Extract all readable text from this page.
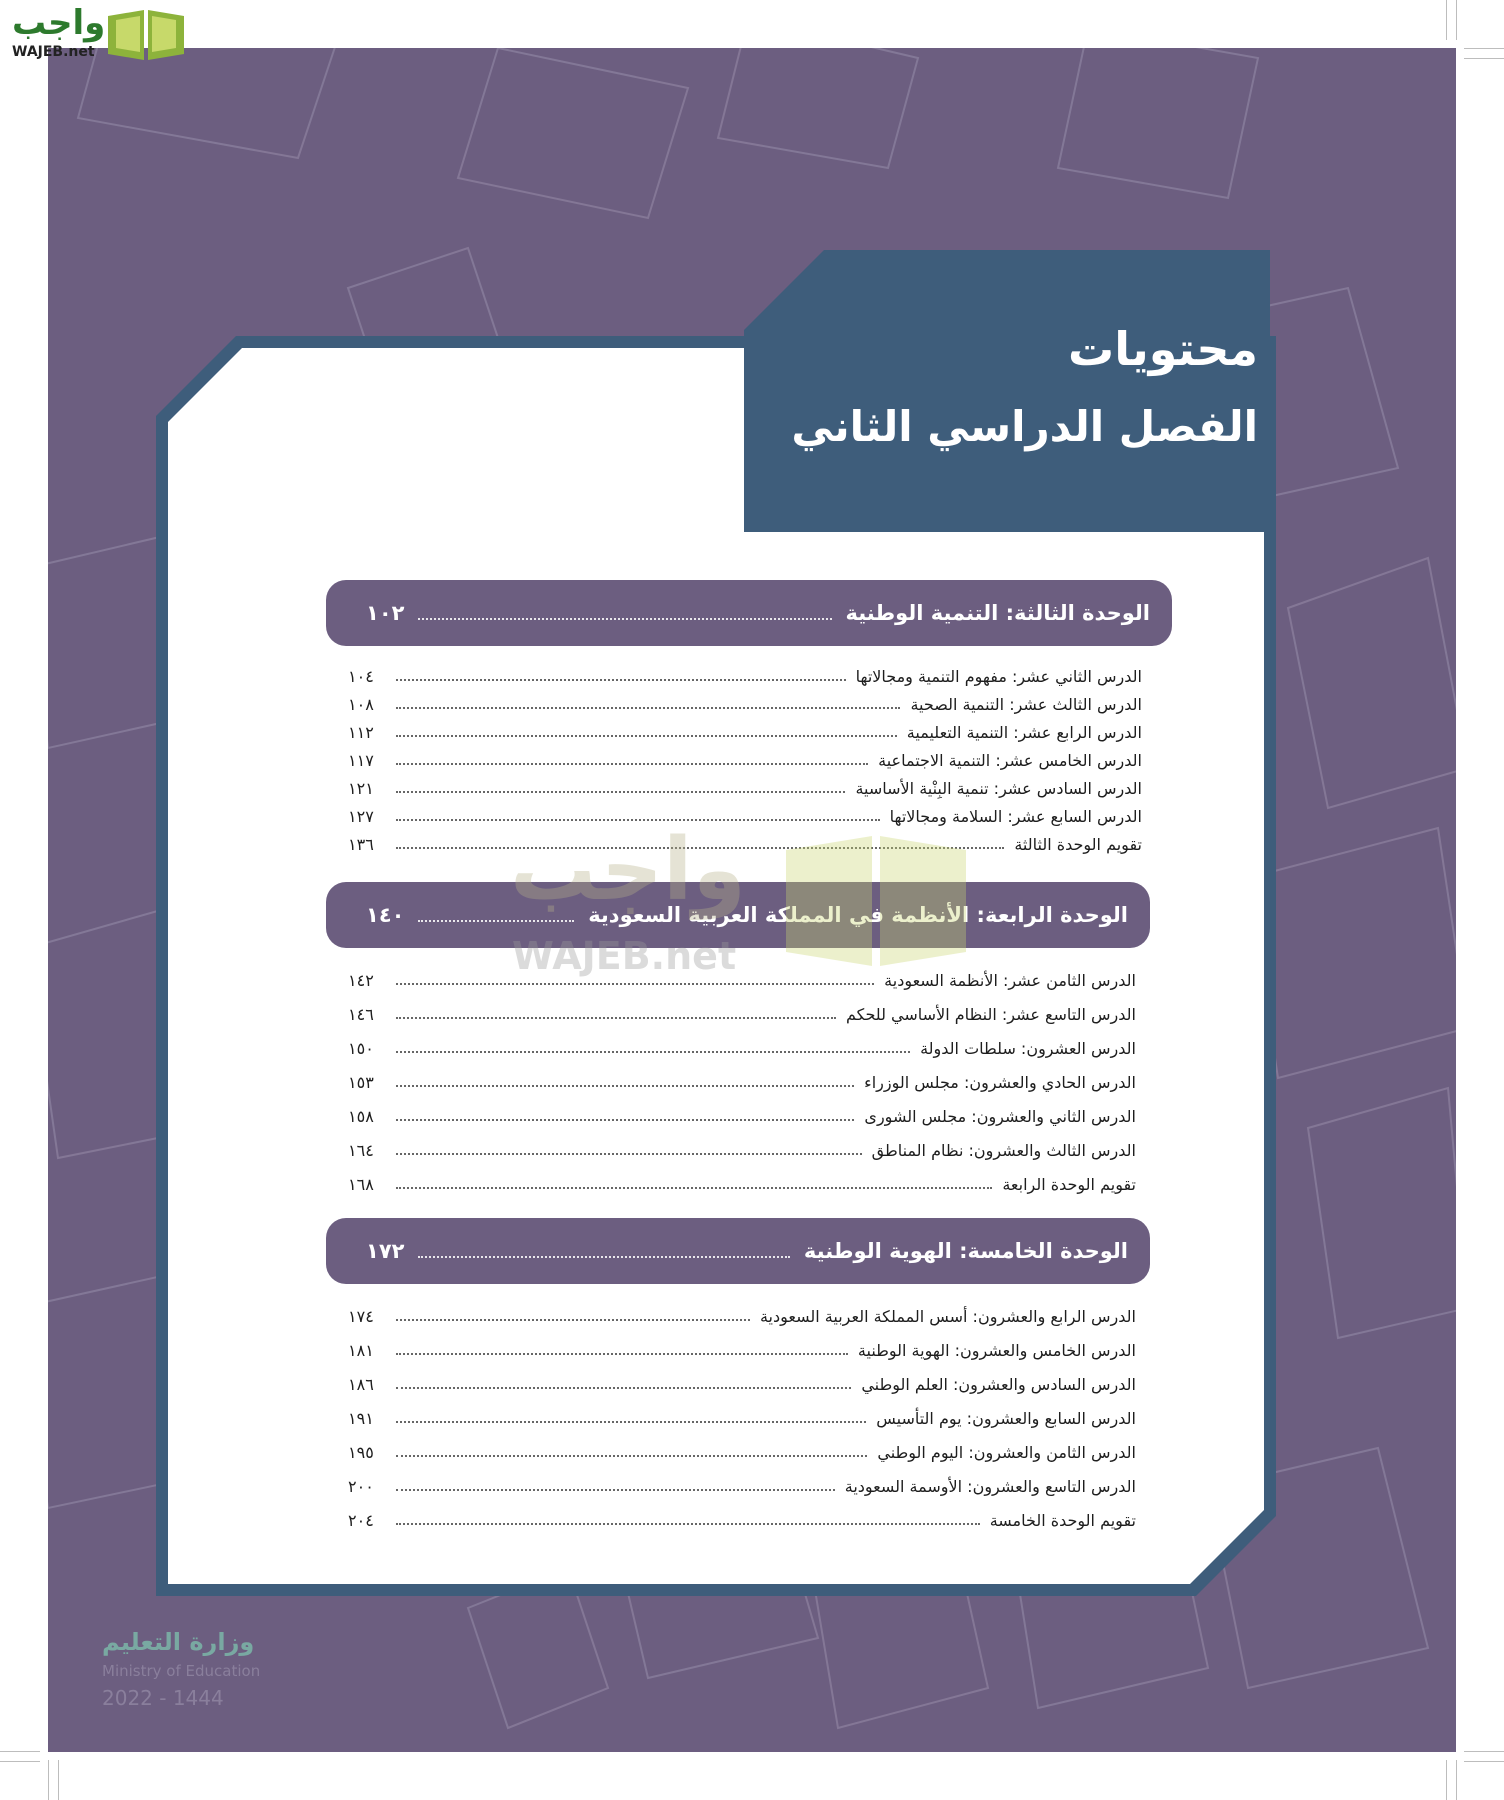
واجب
WAJEB.net
محتويات
الفصل الدراسي الثاني
الوحدة الثالثة: التنمية الوطنية
١٠٢
الدرس الثاني عشر: مفهوم التنمية ومجالاتها
١٠٤
الدرس الثالث عشر: التنمية الصحية
١٠٨
الدرس الرابع عشر: التنمية التعليمية
١١٢
الدرس الخامس عشر: التنمية الاجتماعية
١١٧
الدرس السادس عشر: تنمية البِنْية الأساسية
١٢١
الدرس السابع عشر: السلامة ومجالاتها
١٢٧
تقويم الوحدة الثالثة
١٣٦
الوحدة الرابعة: الأنظمة في المملكة العربية السعودية
١٤٠
الدرس الثامن عشر: الأنظمة السعودية
١٤٢
الدرس التاسع عشر: النظام الأساسي للحكم
١٤٦
الدرس العشرون: سلطات الدولة
١٥٠
الدرس الحادي والعشرون: مجلس الوزراء
١٥٣
الدرس الثاني والعشرون: مجلس الشورى
١٥٨
الدرس الثالث والعشرون: نظام المناطق
١٦٤
تقويم الوحدة الرابعة
١٦٨
الوحدة الخامسة: الهوية الوطنية
١٧٢
الدرس الرابع والعشرون: أسس المملكة العربية السعودية
١٧٤
الدرس الخامس والعشرون: الهوية الوطنية
١٨١
الدرس السادس والعشرون: العلم الوطني
١٨٦
الدرس السابع والعشرون: يوم التأسيس
١٩١
الدرس الثامن والعشرون: اليوم الوطني
١٩٥
الدرس التاسع والعشرون: الأوسمة السعودية
٢٠٠
تقويم الوحدة الخامسة
٢٠٤
واجب
WAJEB.net
وزارة التعليم
Ministry of Education
2022 - 1444
